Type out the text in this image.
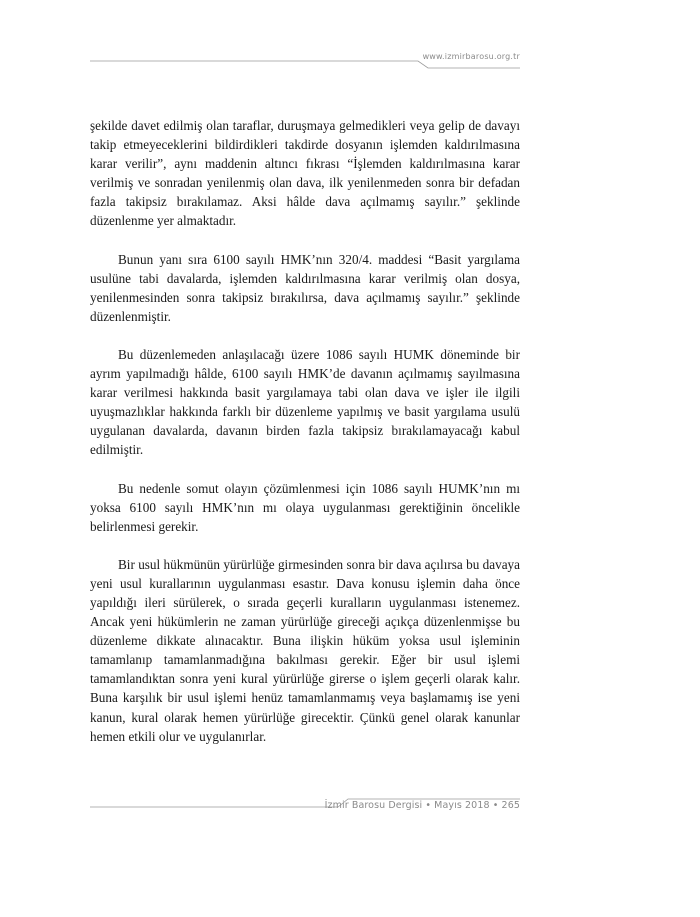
www.izmirbarosu.org.tr

şekilde davet edilmiş olan taraflar, duruşmaya gelmedikleri veya gelip de davayı takip etmeyeceklerini bildirdikleri takdirde dosyanın işlemden kaldırılmasına karar verilir”, aynı maddenin altıncı fıkrası “İşlemden kaldırılmasına karar verilmiş ve sonradan yenilenmiş olan dava, ilk yenilenmeden sonra bir defadan fazla takipsiz bırakılamaz. Aksi hâlde dava açılmamış sayılır.” şeklinde düzenlenme yer almaktadır.

Bunun yanı sıra 6100 sayılı HMK’nın 320/4. maddesi “Basit yargılama usulüne tabi davalarda, işlemden kaldırılmasına karar verilmiş olan dosya, yenilenmesinden sonra takipsiz bırakılırsa, dava açılmamış sayılır.” şeklinde düzenlenmiştir.

Bu düzenlemeden anlaşılacağı üzere 1086 sayılı HUMK döneminde bir ayrım yapılmadığı hâlde, 6100 sayılı HMK’de davanın açılmamış sayılmasına karar verilmesi hakkında basit yargılamaya tabi olan dava ve işler ile ilgili uyuşmazlıklar hakkında farklı bir düzenleme yapılmış ve basit yargılama usulü uygulanan davalarda, davanın birden fazla takipsiz bırakılamayacağı kabul edilmiştir.

Bu nedenle somut olayın çözümlenmesi için 1086 sayılı HUMK’nın mı yoksa 6100 sayılı HMK’nın mı olaya uygulanması gerektiğinin öncelikle belirlenmesi gerekir.

Bir usul hükmünün yürürlüğe girmesinden sonra bir dava açılırsa bu davaya yeni usul kurallarının uygulanması esastır. Dava konusu işlemin daha önce yapıldığı ileri sürülerek, o sırada geçerli kuralların uygulanması istenemez. Ancak yeni hükümlerin ne zaman yürürlüğe gireceği açıkça düzenlenmişse bu düzenleme dikkate alınacaktır. Buna ilişkin hüküm yoksa usul işleminin tamamlanıp tamamlanmadığına bakılması gerekir. Eğer bir usul işlemi tamamlandıktan sonra yeni kural yürürlüğe girerse o işlem geçerli olarak kalır. Buna karşılık bir usul işlemi henüz tamamlanmamış veya başlamamış ise yeni kanun, kural olarak hemen yürürlüğe girecektir. Çünkü genel olarak kanunlar hemen etkili olur ve uygulanırlar.

İzmir Barosu Dergisi • Mayıs 2018 • 265
